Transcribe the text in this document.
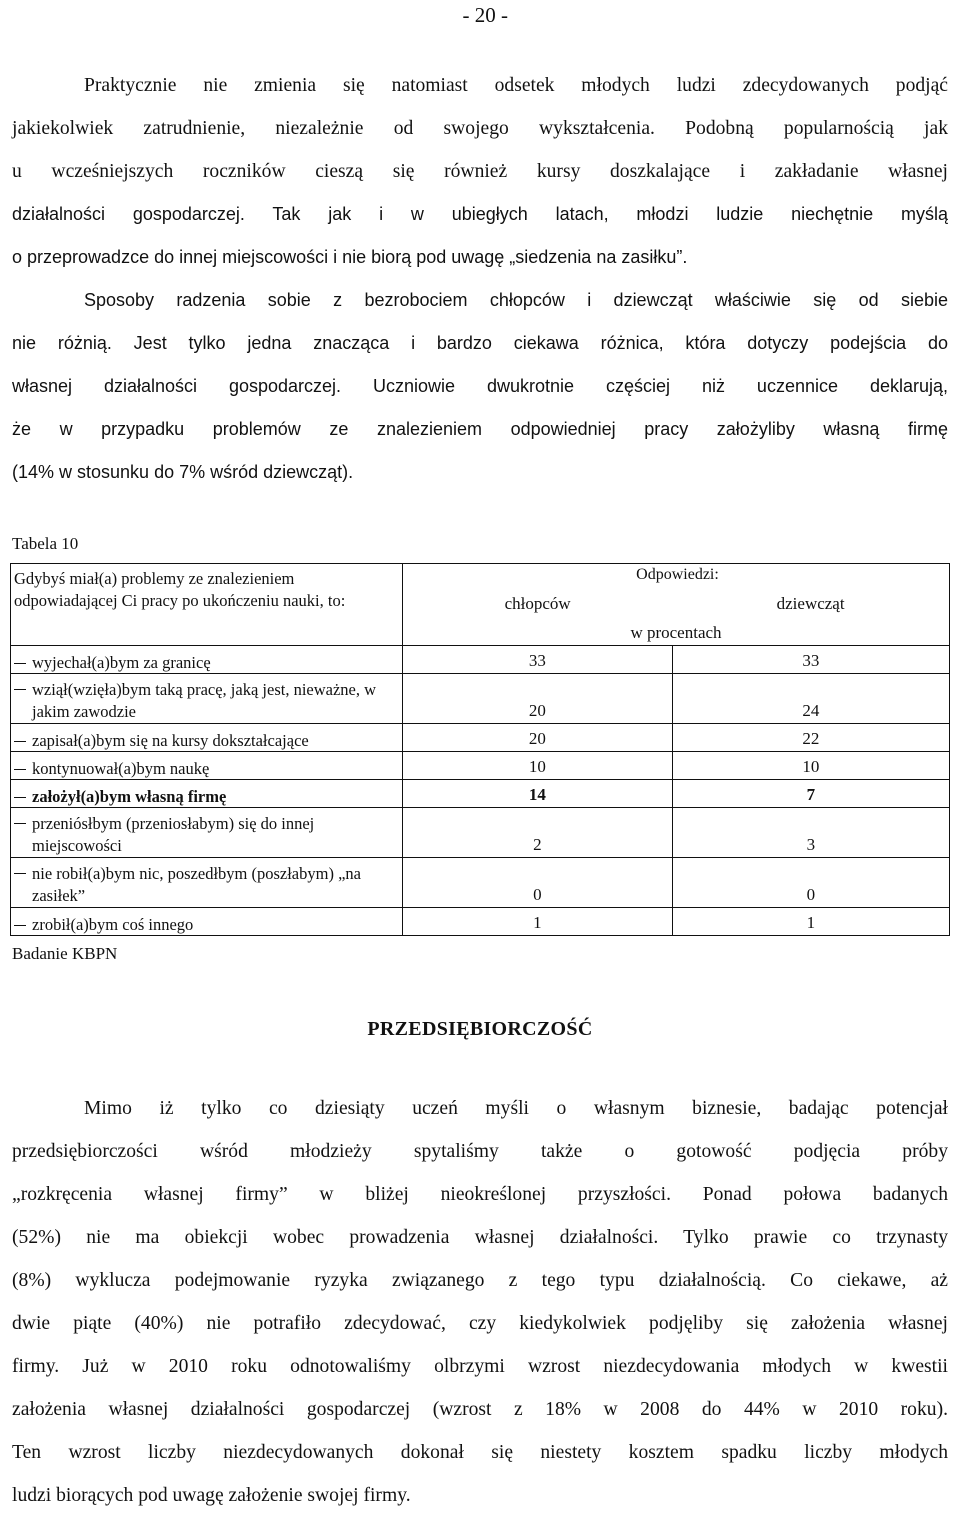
- 20 -
Praktycznie nie zmienia się natomiast odsetek młodych ludzi zdecydowanych podjąć
jakiekolwiek zatrudnienie, niezależnie od swojego wykształcenia. Podobną popularnością jak
u wcześniejszych roczników cieszą się również kursy doszkalające i zakładanie własnej
działalności gospodarczej. Tak jak i w ubiegłych latach, młodzi ludzie niechętnie myślą
o przeprowadzce do innej miejscowości i nie biorą pod uwagę „siedzenia na zasiłku”.
Sposoby radzenia sobie z bezrobociem chłopców i dziewcząt właściwie się od siebie
nie różnią. Jest tylko jedna znacząca i bardzo ciekawa różnica, która dotyczy podejścia do
własnej działalności gospodarczej. Uczniowie dwukrotnie częściej niż uczennice deklarują,
że w przypadku problemów ze znalezieniem odpowiedniej pracy założyliby własną firmę
(14% w stosunku do 7% wśród dziewcząt).
Tabela 10
Gdybyś miał(a) problemy ze znalezieniem odpowiadającej Ci pracy po ukończeniu nauki, to:	Odpowiedzi:	
	chłopców	dziewcząt
	w procentach	

wyjechał(a)bym za granicę	33	33

wziął(wzięła)bym taką pracę, jaką jest, nieważne, w jakim zawodzie	20	24

zapisał(a)bym się na kursy dokształcające	20	22

kontynuował(a)bym naukę	10	10

założył(a)bym własną firmę	14	7

przeniósłbym (przeniosłabym) się do innej miejscowości	2	3

nie robił(a)bym nic, poszedłbym (poszłabym) „na zasiłek”	0	0

zrobił(a)bym coś innego	1	1
Badanie KBPN
PRZEDSIĘBIORCZOŚĆ
Mimo iż tylko co dziesiąty uczeń myśli o własnym biznesie, badając potencjał
przedsiębiorczości wśród młodzieży spytaliśmy także o gotowość podjęcia próby
„rozkręcenia własnej firmy” w bliżej nieokreślonej przyszłości. Ponad połowa badanych
(52%) nie ma obiekcji wobec prowadzenia własnej działalności. Tylko prawie co trzynasty
(8%) wyklucza podejmowanie ryzyka związanego z tego typu działalnością. Co ciekawe, aż
dwie piąte (40%) nie potrafiło zdecydować, czy kiedykolwiek podjęliby się założenia własnej
firmy. Już w 2010 roku odnotowaliśmy olbrzymi wzrost niezdecydowania młodych w kwestii
założenia własnej działalności gospodarczej (wzrost z 18% w 2008 do 44% w 2010 roku).
Ten wzrost liczby niezdecydowanych dokonał się niestety kosztem spadku liczby młodych
ludzi biorących pod uwagę założenie swojej firmy.
